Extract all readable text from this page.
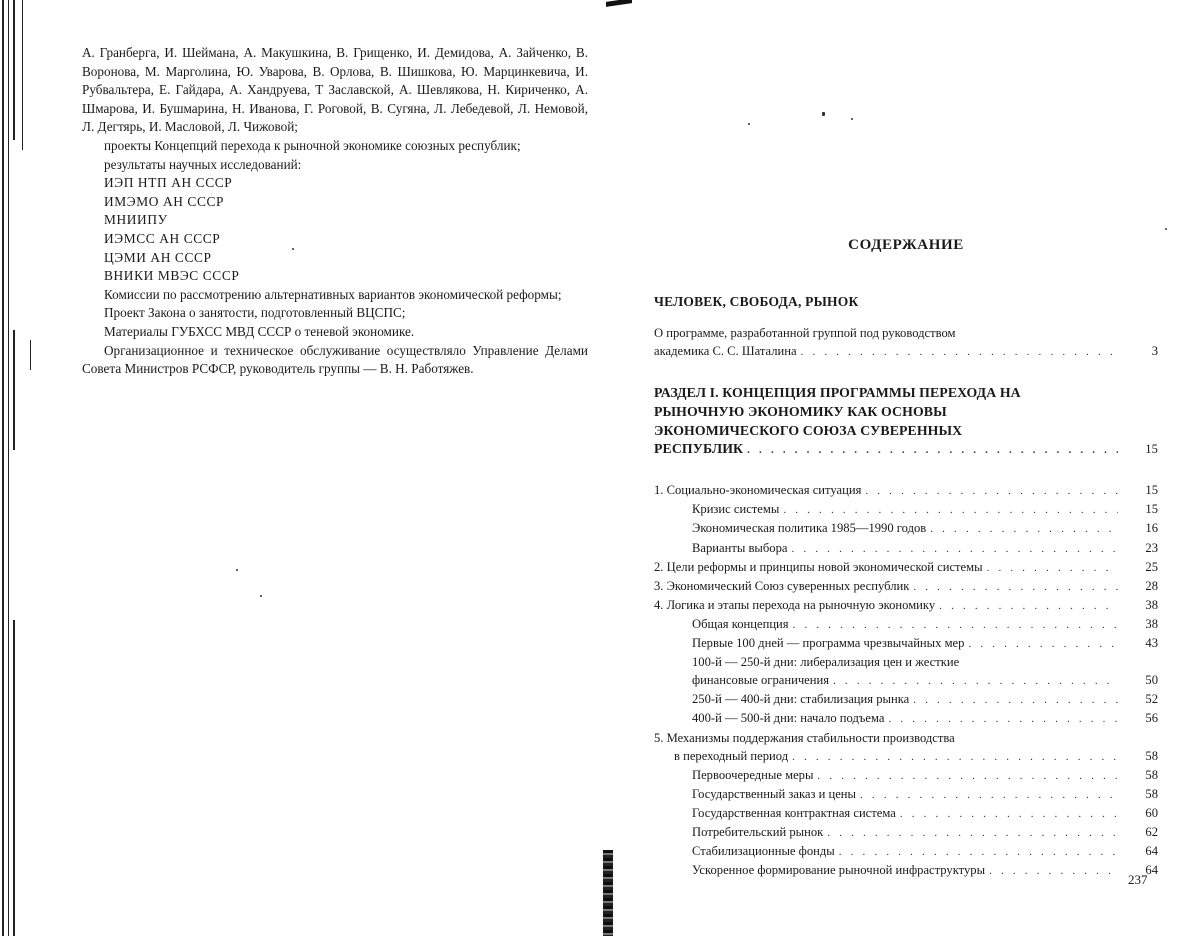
А. Гранберга, И. Шеймана, А. Макушкина, В. Грищенко, И. Демидова, А. Зайченко, В. Воронова, М. Марголина, Ю. Уварова, В. Орлова, В. Шишкова, Ю. Марцинкевича, И. Рубвальтера, Е. Гайдара, А. Хандруева, Т Заславской, А. Шевлякова, Н. Кириченко, А. Шмарова, И. Бушмарина, Н. Иванова, Г. Роговой, В. Сугяна, Л. Лебедевой, Л. Немовой, Л. Дегтярь, И. Масловой, Л. Чижовой;

проекты Концепций перехода к рыночной экономике союзных республик;

результаты научных исследований:

ИЭП НТП АН СССР
ИМЭМО АН СССР
МНИИПУ
ИЭМСС АН СССР
ЦЭМИ АН СССР
ВНИКИ МВЭС СССР

Комиссии по рассмотрению альтернативных вариантов экономической реформы;

Проект Закона о занятости, подготовленный ВЦСПС;

Материалы ГУБХСС МВД СССР о теневой экономике.

Организационное и техническое обслуживание осуществляло Управление Делами Совета Министров РСФСР, руководитель группы — В. Н. Работяжев.

СОДЕРЖАНИЕ
ЧЕЛОВЕК, СВОБОДА, РЫНОК
О программе, разработанной группой под руководством
академика С. С. Шаталина . . .	3
РАЗДЕЛ I. КОНЦЕПЦИЯ ПРОГРАММЫ ПЕРЕХОДА НА
РЫНОЧНУЮ ЭКОНОМИКУ КАК ОСНОВЫ
ЭКОНОМИЧЕСКОГО СОЮЗА СУВЕРЕННЫХ
РЕСПУБЛИК . . .	15
1. Социально-экономическая ситуация . . .	15
Кризис системы . . .	15
Экономическая политика 1985—1990 годов . . .	16
Варианты выбора . . .	23
2. Цели реформы и принципы новой экономической системы . . .	25
3. Экономический Союз суверенных республик . . .	28
4. Логика и этапы перехода на рыночную экономику . . .	38
Общая концепция . . .	38
Первые 100 дней — программа чрезвычайных мер . . .	43
100-й — 250-й дни: либерализация цен и жесткие
финансовые ограничения . . .	50
250-й — 400-й дни: стабилизация рынка . . .	52
400-й — 500-й дни: начало подъема . . .	56
5. Механизмы поддержания стабильности производства
в переходный период . . .	58
Первоочередные меры . . .	58
Государственный заказ и цены . . .	58
Государственная контрактная система . . .	60
Потребительский рынок . . .	62
Стабилизационные фонды . . .	64
Ускоренное формирование рыночной инфраструктуры . . .	64
237
